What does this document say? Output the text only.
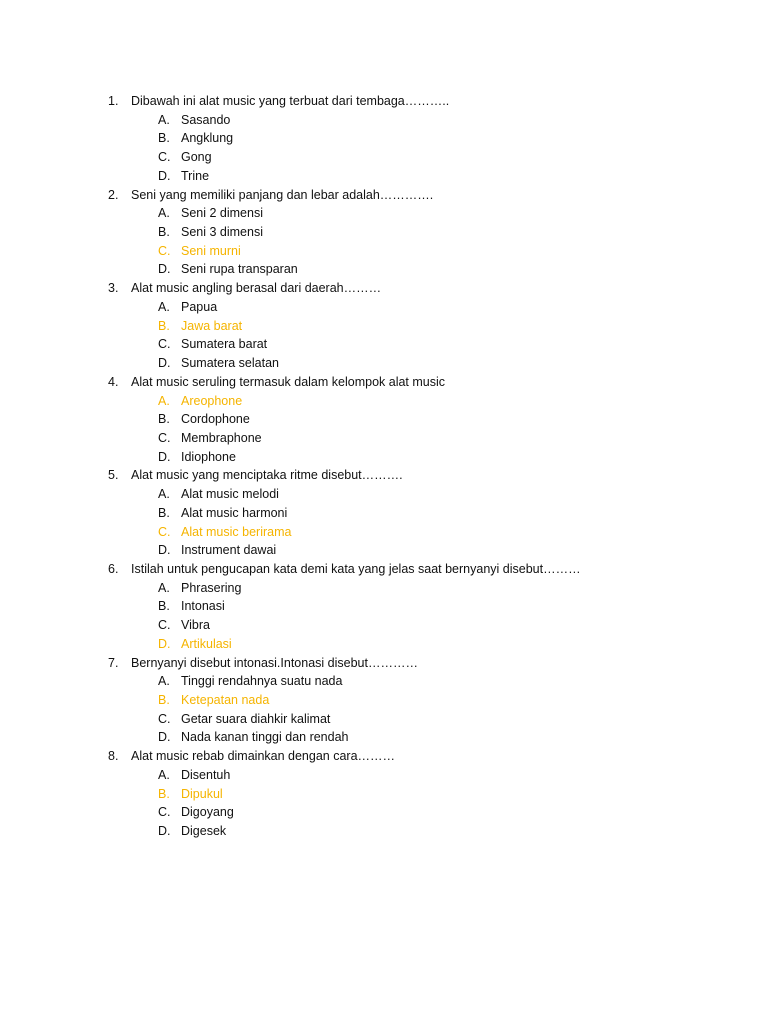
1. Dibawah ini alat music yang terbuat dari tembaga………..
A. Sasando
B. Angklung
C. Gong
D. Trine
2. Seni yang memiliki panjang dan lebar adalah………….
A. Seni 2 dimensi
B. Seni 3 dimensi
C. Seni murni
D. Seni rupa transparan
3. Alat music angling berasal dari daerah………
A. Papua
B. Jawa barat
C. Sumatera barat
D. Sumatera selatan
4. Alat music seruling termasuk dalam kelompok alat music
A. Areophone
B. Cordophone
C. Membraphone
D. Idiophone
5. Alat music yang menciptaka ritme disebut……….
A. Alat music melodi
B. Alat music harmoni
C. Alat music berirama
D. Instrument dawai
6. Istilah untuk pengucapan kata demi kata yang jelas saat bernyanyi disebut………
A. Phrasering
B. Intonasi
C. Vibra
D. Artikulasi
7. Bernyanyi disebut intonasi.Intonasi disebut…………
A. Tinggi rendahnya suatu nada
B. Ketepatan nada
C. Getar suara diahkir kalimat
D. Nada kanan tinggi dan rendah
8. Alat music rebab dimainkan dengan cara………
A. Disentuh
B. Dipukul
C. Digoyang
D. Digesek
